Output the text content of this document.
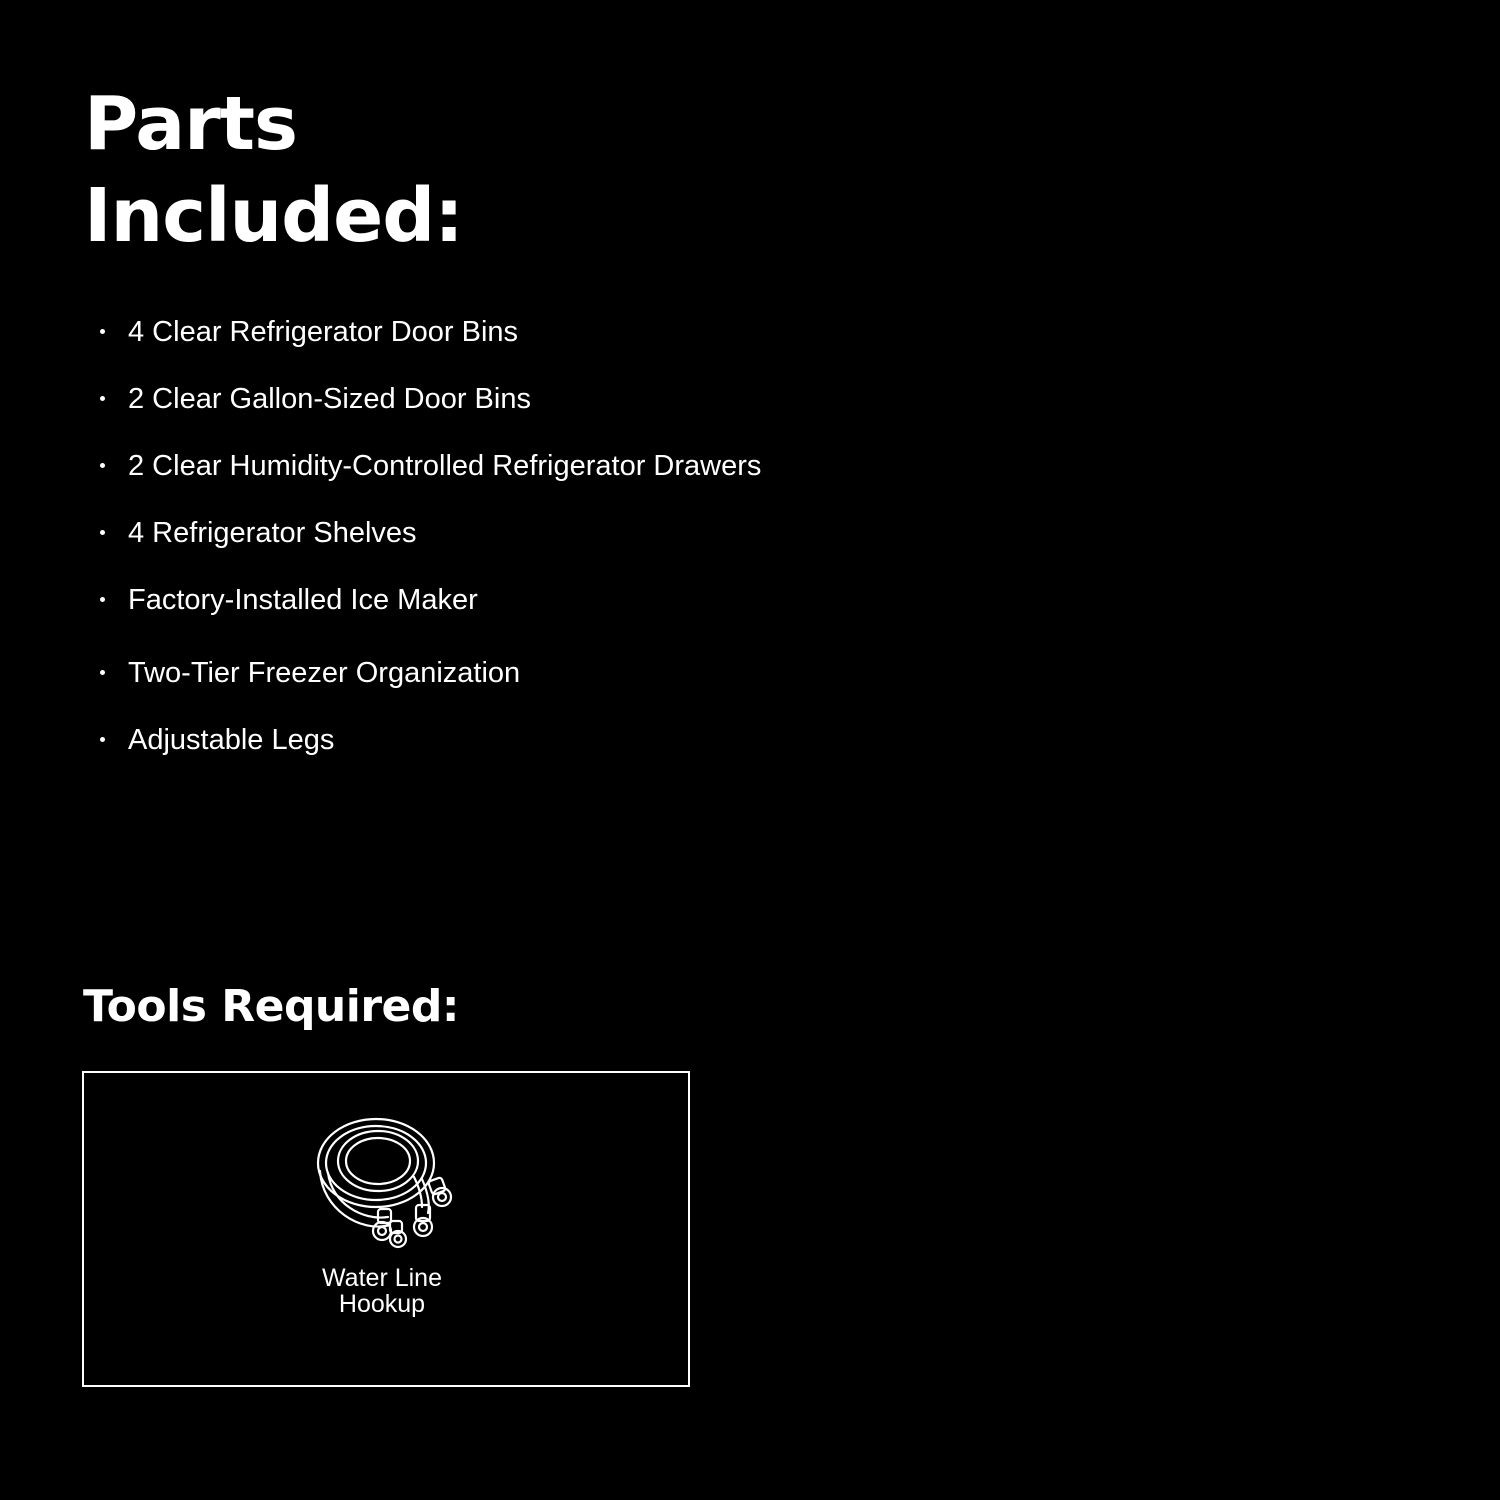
Parts
Included:
4 Clear Refrigerator Door Bins
2 Clear Gallon-Sized Door Bins
2 Clear Humidity-Controlled Refrigerator Drawers
4 Refrigerator Shelves
Factory-Installed Ice Maker
Two-Tier Freezer Organization
Adjustable Legs
Tools Required:
Water Line
Hookup
